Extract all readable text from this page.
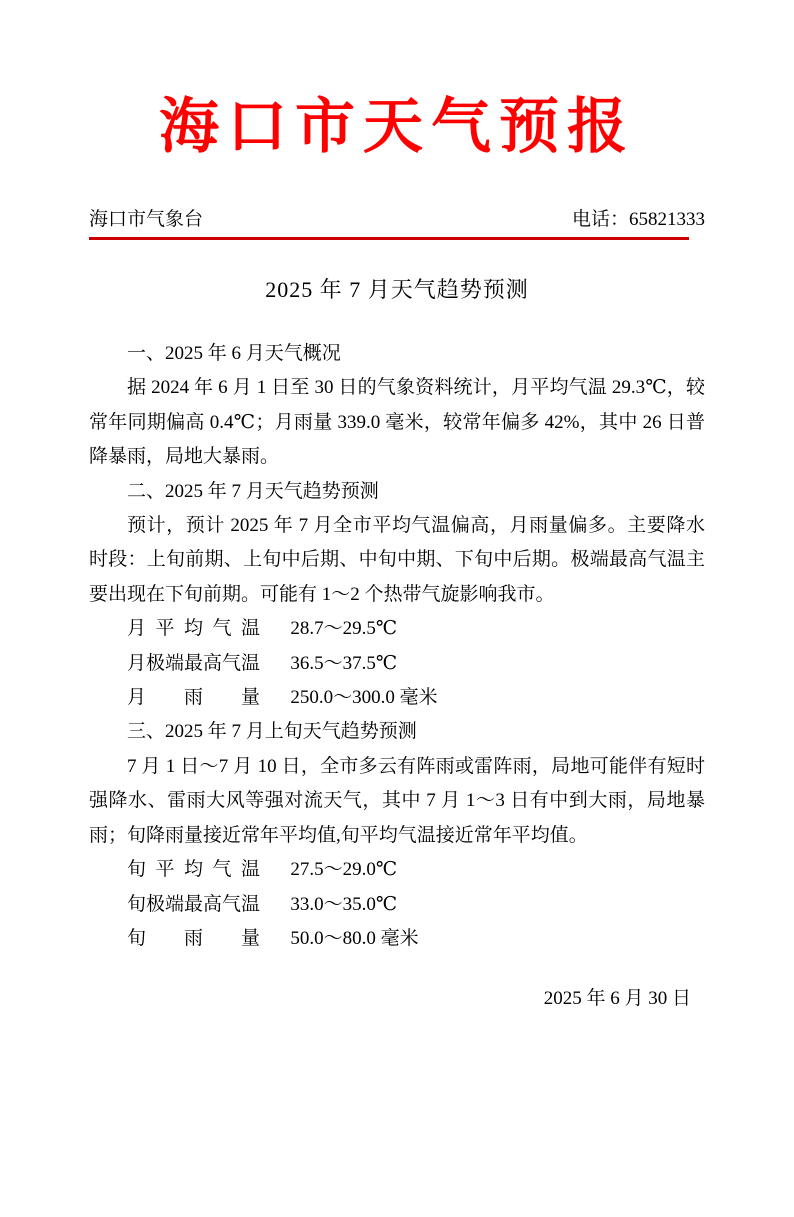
海口市天气预报
海口市气象台	电话：65821333
2025 年 7 月天气趋势预测

一、2025 年 6 月天气概况

据 2024 年 6 月 1 日至 30 日的气象资料统计，月平均气温 29.3℃，较常年同期偏高 0.4℃；月雨量 339.0 毫米，较常年偏多 42%，其中 26 日普降暴雨，局地大暴雨。

二、2025 年 7 月天气趋势预测

预计，预计 2025 年 7 月全市平均气温偏高，月雨量偏多。主要降水时段：上旬前期、上旬中后期、中旬中期、下旬中后期。极端最高气温主要出现在下旬前期。可能有 1～2 个热带气旋影响我市。

月平均气温 28.7～29.5℃
月极端最高气温 36.5～37.5℃
月雨量 250.0～300.0 毫米

三、2025 年 7 月上旬天气趋势预测

7 月 1 日～7 月 10 日，全市多云有阵雨或雷阵雨，局地可能伴有短时强降水、雷雨大风等强对流天气，其中 7 月 1～3 日有中到大雨，局地暴雨；旬降雨量接近常年平均值,旬平均气温接近常年平均值。

旬平均气温 27.5～29.0℃
旬极端最高气温 33.0～35.0℃
旬雨量 50.0～80.0 毫米
2025 年 6 月 30 日
